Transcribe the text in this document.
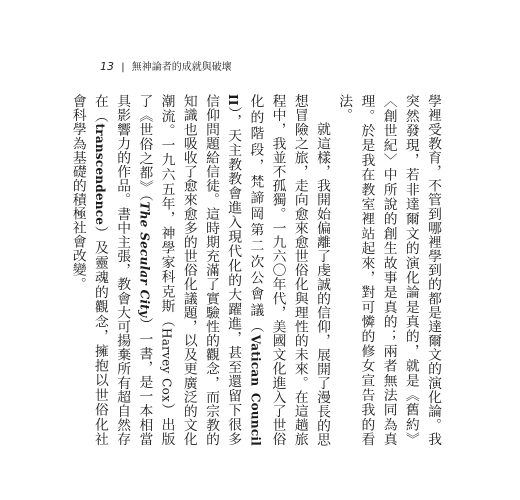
13 | 無神論者的成就與破壞

學裡受教育，不管到哪裡學到的都是達爾文的演化論。我突然發現，若非達爾文的演化論是真的，就是《舊約》〈創世紀〉中所說的創生故事是真的；兩者無法同為真理。於是我在教室裡站起來，對可憐的修女宣告我的看法。

就這樣，我開始偏離了虔誠的信仰，展開了漫長的思想冒險之旅，走向愈來愈世俗化與理性的未來。在這趟旅程中，我並不孤獨。一九六〇年代，美國文化進入了世俗化的階段，梵諦岡第二次公會議（Vatican Council II），天主教教會進入現代化的大躍進，甚至還留下很多信仰問題給信徒。這時期充滿了實驗性的觀念，而宗教的知識也吸收了愈來愈多的世俗化議題，以及更廣泛的文化潮流。一九六五年，神學家科克斯（Harvey Cox）出版了《世俗之都》（The Secular City）一書，是一本相當具影響力的作品。書中主張，教會大可揚棄所有超自然存在（transcendence）及靈魂的觀念，擁抱以世俗化社會科學為基礎的積極社會改變。
